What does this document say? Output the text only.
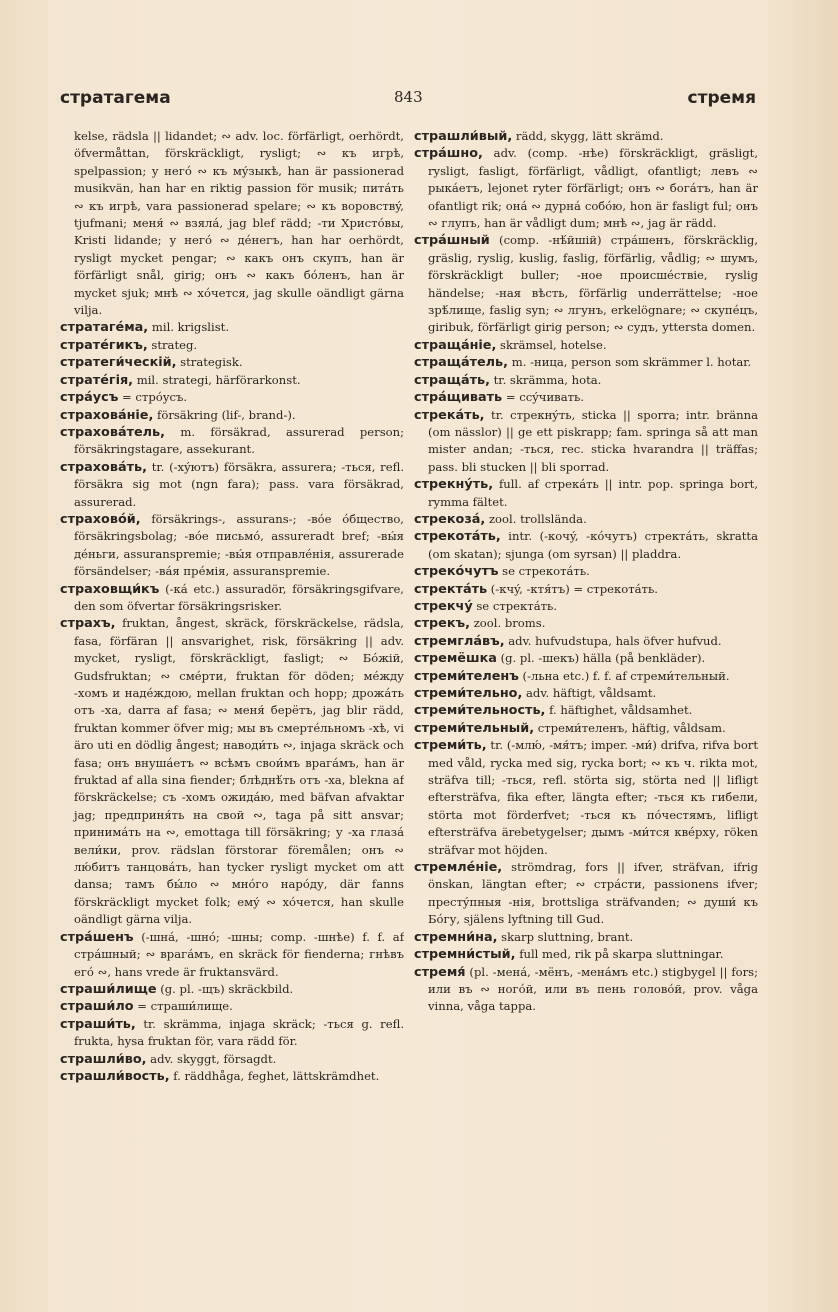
стратагема	843	стремя

kelse, rädsla || lidandet; ∾ adv. loc. förfärligt, oerhördt, öfvermåttan, förskräckligt, rysligt; ∾ къ игрѣ, spelpassion; у негó ∾ къ мýзыкѣ, han är passionerad musikvän, han har en riktig passion för musik; питáть ∾ къ игрѣ, vara passionerad spelare; ∾ къ воровствý, tjufmani; меня́ ∾ взялá, jag blef rädd; -ти Христóвы, Kristi lidande; у негó ∾ дéнегъ, han har oerhördt, rysligt mycket pengar; ∾ какъ онъ скупъ, han är förfärligt snål, girig; онъ ∾ какъ бóленъ, han är mycket sjuk; мнѣ ∾ хóчется, jag skulle oändligt gärna vilja.

стратагéма, mil. krigslist.

стратéгикъ, strateg.

стратеги́ческій, strategisk.

стратéгія, mil. strategi, härförarkonst.

стрáусъ = стрóусъ.

страховáніе, försäkring (lif-, brand-).

страховáтель, m. försäkrad, assurerad person; försäkringstagare, assekurant.

страховáть, tr. (-хýютъ) försäkra, assurera; -ться, refl. försäkra sig mot (ngn fara); pass. vara försäkrad, assurerad.

страховóй, försäkrings-, assurans-; -вóе óбщество, försäkringsbolag; -вóе письмó, assureradt bref; -вы́я дéньги, assuranspremie; -вы́я отправлéнія, assurerade försändelser; -вáя прéмія, assuranspremie.

страховщи́къ (-кá etc.) assuradör, försäkringsgifvare, den som öfvertar försäkringsrisker.

страхъ, fruktan, ångest, skräck, förskräckelse, rädsla, fasa, förfäran || ansvarighet, risk, försäkring || adv. mycket, rysligt, förskräckligt, fasligt; ∾ Бóжій, Gudsfruktan; ∾ смéрти, fruktan för döden; мéжду -хомъ и надéждою, mellan fruktan och hopp; дрожáть отъ -ха, darra af fasa; ∾ меня́ берётъ, jag blir rädd, fruktan kommer öfver mig; мы въ смертéльномъ -хѣ, vi äro uti en dödlig ångest; наводи́ть ∾, injaga skräck och fasa; онъ внушáетъ ∾ всѣмъ свои́мъ врагáмъ, han är fruktad af alla sina fiender; блѣднѣ́ть отъ -ха, blekna af förskräckelse; съ -хомъ ожидáю, med bäfvan afvaktar jag; предприня́ть на свой ∾, taga på sitt ansvar; принимáть на ∾, emottaga till försäkring; у -ха глазá вели́ки, prov. rädslan förstorar föremålen; онъ ∾ лю́битъ танцовáть, han tycker rysligt mycket om att dansa; тамъ бы́ло ∾ мнóго нарóду, där fanns förskräckligt mycket folk; емý ∾ хóчется, han skulle oändligt gärna vilja.

стрáшенъ (-шнá, -шнó; -шны; comp. -шнѣе) f. f. af стрáшный; ∾ врагáмъ, en skräck för fienderna; гнѣвъ егó ∾, hans vrede är fruktansvärd.

страши́лище (g. pl. -щъ) skräckbild.

страши́ло = страши́лище.

страши́ть, tr. skrämma, injaga skräck; -ться g. refl. frukta, hysa fruktan för, vara rädd för.

страшли́во, adv. skyggt, försagdt.

страшли́вость, f. räddhåga, feghet, lättskrämdhet.

страшли́вый, rädd, skygg, lätt skrämd.

стрáшно, adv. (comp. -нѣе) förskräckligt, gräsligt, rysligt, fasligt, förfärligt, vådligt, ofantligt; левъ ∾ рыкáетъ, lejonet ryter förfärligt; онъ ∾ богáтъ, han är ofantligt rik; онá ∾ дурнá собóю, hon är fasligt ful; онъ ∾ глупъ, han är vådligt dum; мнѣ ∾, jag är rädd.

стрáшный (comp. -нѣ́йшій) стрáшенъ, förskräcklig, gräslig, ryslig, kuslig, faslig, förfärlig, vådlig; ∾ шумъ, förskräckligt buller; -ное происшéствіе, ryslig händelse; -ная вѣсть, förfärlig underrättelse; -ное зрѣ́лище, faslig syn; ∾ лгунъ, erkelögnare; ∾ скупéцъ, giribuk, förfärligt girig person; ∾ судъ, yttersta domen.

стращáніе, skrämsel, hotelse.

стращáтель, m. -ница, person som skrämmer l. hotar.

стращáть, tr. skrämma, hota.

стрáщивать = ссýчивать.

стрекáть, tr. стрекнýть, sticka || sporra; intr. bränna (om nässlor) || ge ett piskrapp; fam. springa så att man mister andan; -ться, rec. sticka hvarandra || träffas; pass. bli stucken || bli sporrad.

стрекнýть, full. af стрекáть || intr. pop. springa bort, rymma fältet.

стрекозá, zool. trollslända.

стрекотáть, intr. (-кочý, -кóчутъ) стректáть, skratta (om skatan); sjunga (om syrsan) || pladdra.

стрекóчутъ se стрекотáть.

стректáть (-кчý, -ктя́тъ) = стрекотáть.

стрекчý se стректáть.

стрекъ, zool. broms.

стремглáвъ, adv. hufvudstupa, hals öfver hufvud.

стремёшка (g. pl. -шекъ) hälla (på benkläder).

стреми́теленъ (-льна etc.) f. f. af стреми́тельный.

стреми́тельно, adv. häftigt, våldsamt.

стреми́тельность, f. häftighet, våldsamhet.

стреми́тельный, стреми́теленъ, häftig, våldsam.

стреми́ть, tr. (-млю́, -мя́тъ; imper. -ми́) drifva, rifva bort med våld, rycka med sig, rycka bort; ∾ къ ч. rikta mot, sträfva till; -ться, refl. störta sig, störta ned || lifligt eftersträfva, fika efter, längta efter; -ться къ гибели, störta mot förderfvet; -ться къ пóчестямъ, lifligt eftersträfva ärebetygelser; дымъ -ми́тся квéрху, röken sträfvar mot höjden.

стремлéніе, strömdrag, fors || ifver, sträfvan, ifrig önskan, längtan efter; ∾ стрáсти, passionens ifver; престýпныя -нія, brottsliga sträfvanden; ∾ души́ къ Бóгу, själens lyftning till Gud.

стремни́на, skarp sluttning, brant.

стремни́стый, full med, rik på skarpa sluttningar.

стремя́ (pl. -менá, -мёнъ, -менáмъ etc.) stigbygel || fors; или въ ∾ ногóй, или въ пень головóй, prov. våga vinna, våga tappa.
